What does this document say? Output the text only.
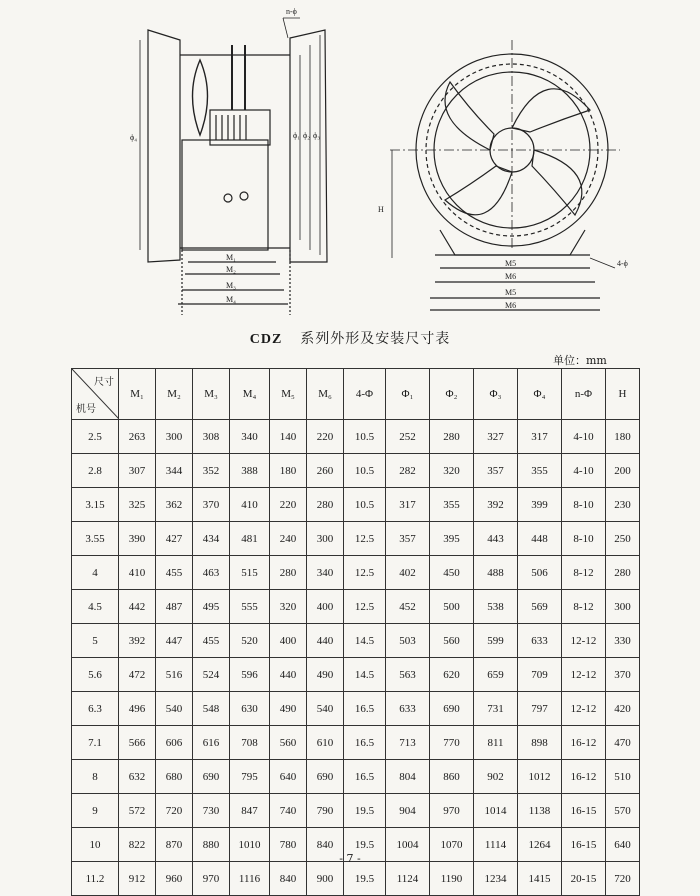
n-ϕ
ϕ₄	ϕ₁ ϕ₂ ϕ₃
M₁
M₂
M₃
M₄
H
M5
M6
M5
M6
4-ϕ
CDZ 系列外形及安装尺寸表
单位：mm
尺寸
机号	M₁	M₂	M₃	M₄	M₅	M₆	4-Φ	Φ₁	Φ₂	Φ₃	Φ₄	n-Φ	H
2.5	263	300	308	340	140	220	10.5	252	280	327	317	4-10	180
2.8	307	344	352	388	180	260	10.5	282	320	357	355	4-10	200
3.15	325	362	370	410	220	280	10.5	317	355	392	399	8-10	230
3.55	390	427	434	481	240	300	12.5	357	395	443	448	8-10	250
4	410	455	463	515	280	340	12.5	402	450	488	506	8-12	280
4.5	442	487	495	555	320	400	12.5	452	500	538	569	8-12	300
5	392	447	455	520	400	440	14.5	503	560	599	633	12-12	330
5.6	472	516	524	596	440	490	14.5	563	620	659	709	12-12	370
6.3	496	540	548	630	490	540	16.5	633	690	731	797	12-12	420
7.1	566	606	616	708	560	610	16.5	713	770	811	898	16-12	470
8	632	680	690	795	640	690	16.5	804	860	902	1012	16-12	510
9	572	720	730	847	740	790	19.5	904	970	1014	1138	16-15	570
10	822	870	880	1010	780	840	19.5	1004	1070	1114	1264	16-15	640
11.2	912	960	970	1116	840	900	19.5	1124	1190	1234	1415	20-15	720
- 7 -
